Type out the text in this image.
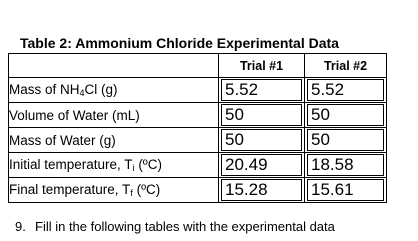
Table 2: Ammonium Chloride Experimental Data
	Trial #1	Trial #2
Mass of $NH_4Cl$ (g)	5.52	5.52

Volume of Water (mL)	50	50

Mass of Water (g)	50	50

Initial temperature, $T_i$ (ºC)	20.49	18.58

Final temperature, $T_f$ (ºC)	15.28	15.61
9. Fill in the following tables with the experimental data
